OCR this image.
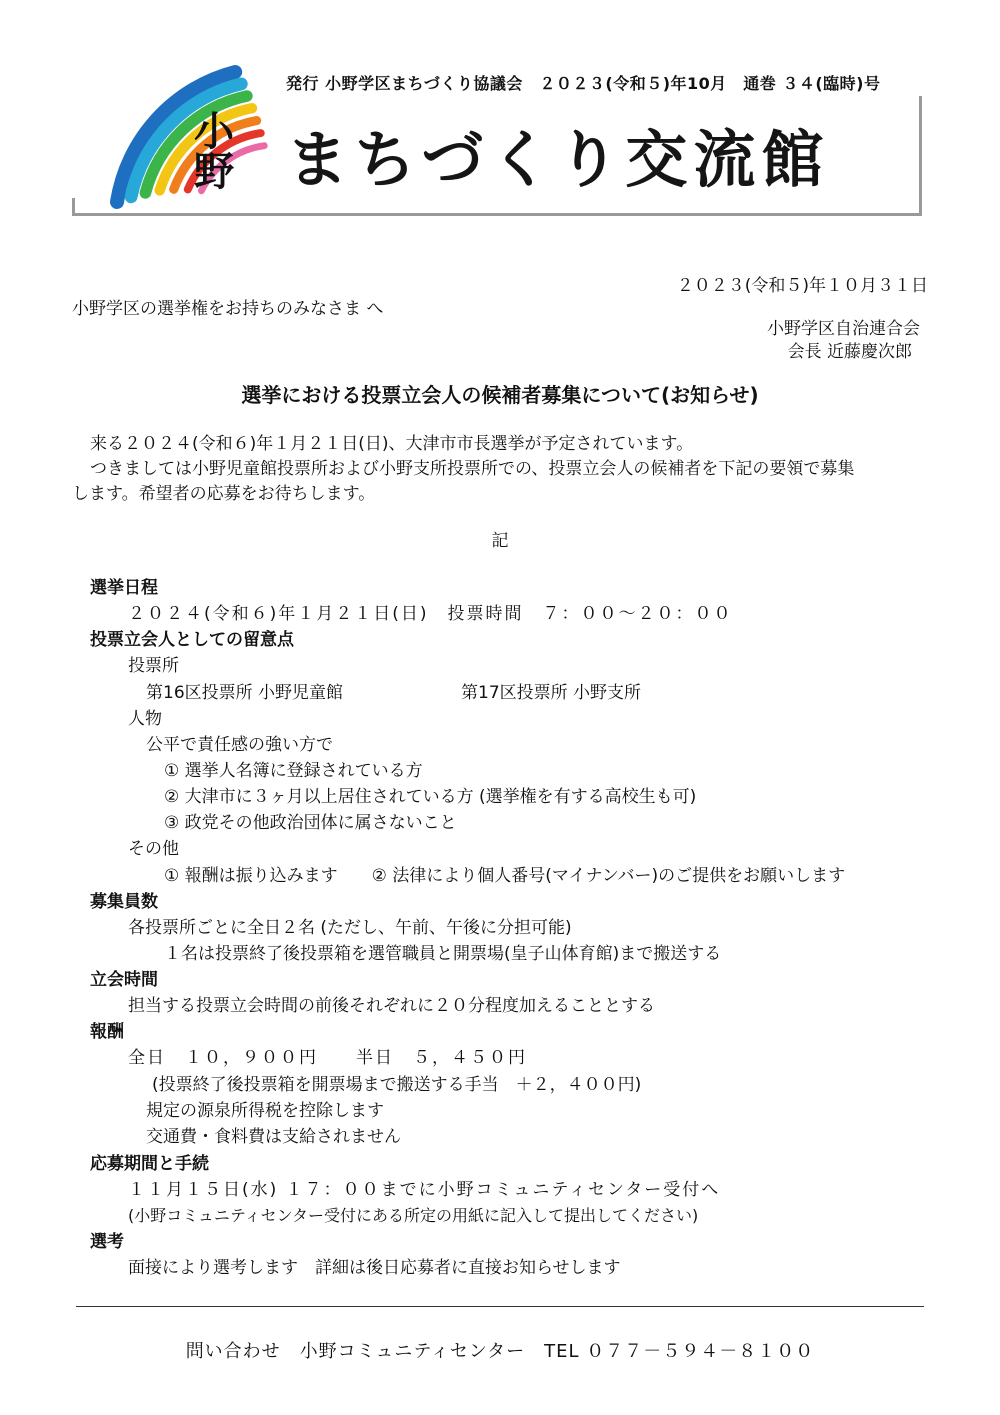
発行 小野学区まちづくり協議会　２０２３(令和５)年10月　通巻 ３４(臨時)号
小野 まちづくり交流館
２０２３(令和５)年１０月３１日
小野学区の選挙権をお持ちのみなさま へ
小野学区自治連合会
会長 近藤慶次郎
選挙における投票立会人の候補者募集について(お知らせ)
来る２０２４(令和６)年１月２１日(日)、大津市市長選挙が予定されています。
つきましては小野児童館投票所および小野支所投票所での、投票立会人の候補者を下記の要領で募集
します。希望者の応募をお待ちします。
記
選挙日程
２０２４(令和６)年１月２１日(日)　投票時間　７：００～２０：００
投票立会人としての留意点
投票所
第16区投票所 小野児童館	第17区投票所 小野支所
人物
公平で責任感の強い方で
① 選挙人名簿に登録されている方
② 大津市に３ヶ月以上居住されている方 (選挙権を有する高校生も可)
③ 政党その他政治団体に属さないこと
その他
① 報酬は振り込みます　　② 法律により個人番号(マイナンバー)のご提供をお願いします
募集員数
各投票所ごとに全日２名 (ただし、午前、午後に分担可能)
１名は投票終了後投票箱を選管職員と開票場(皇子山体育館)まで搬送する
立会時間
担当する投票立会時間の前後それぞれに２０分程度加えることとする
報酬
全日　１０，９００円　　半日　５，４５０円
(投票終了後投票箱を開票場まで搬送する手当　＋２，４００円)
規定の源泉所得税を控除します
交通費・食料費は支給されません
応募期間と手続
１１月１５日(水) １７：００までに小野コミュニティセンター受付へ
(小野コミュニティセンター受付にある所定の用紙に記入して提出してください)
選考
面接により選考します　詳細は後日応募者に直接お知らせします
問い合わせ　小野コミュニティセンター　TEL ０７７－５９４－８１００
